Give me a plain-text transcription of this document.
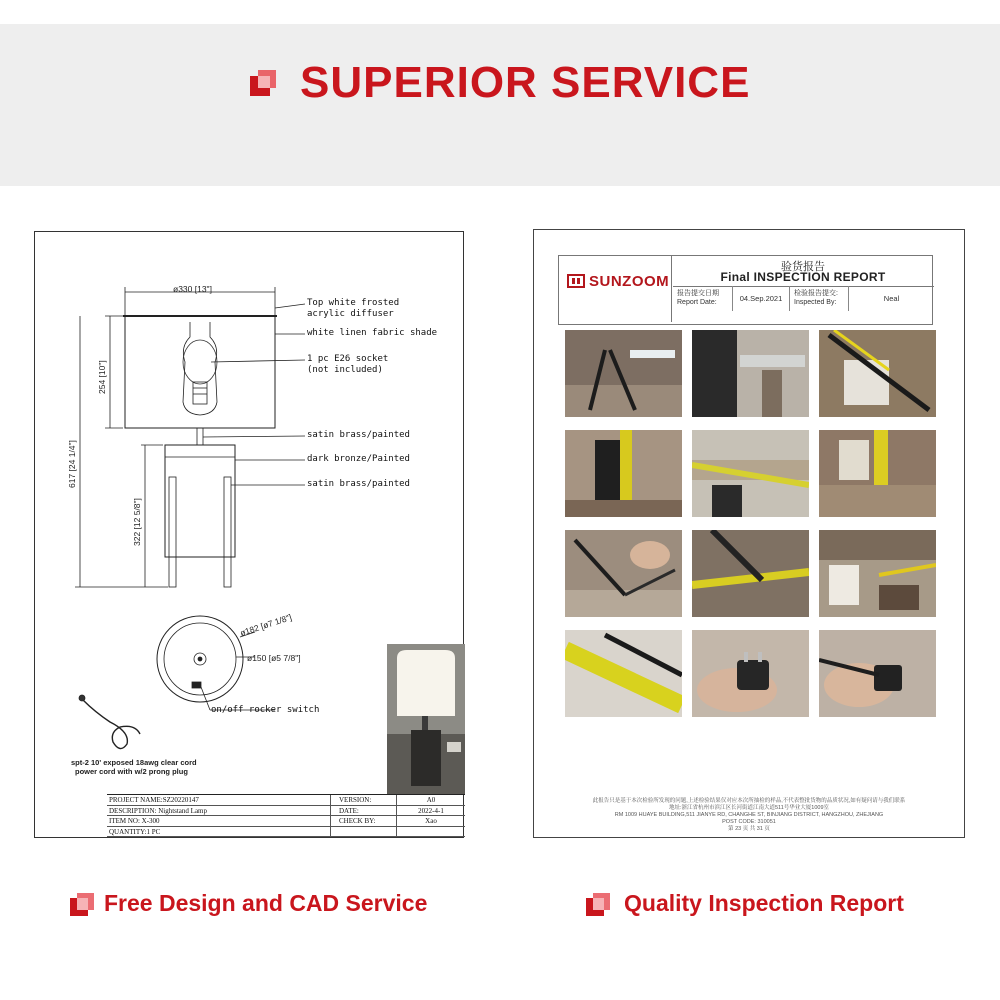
SUPERIOR SERVICE
ø330 [13"]
254 [10"]
617 [24 1/4"]
322 [12 5/8"]
ø182 [ø7 1/8"]
ø150 [ø5 7/8"]
Top white frosted
acrylic diffuser
white linen fabric shade
1 pc E26 socket
(not included)
satin brass/painted
dark bronze/Painted
satin brass/painted
on/off rocker switch
spt-2 10' exposed 18awg clear cord
power cord with w/2 prong plug
PROJECT NAME:SZ20220147	VERSION:	A0
DESCRIPTION: Nightstand Lamp	DATE:	2022-4-1
ITEM NO: X-300	CHECK BY:	Xao
QUANTITY:1 PC
SUNZOOM
验货报告
Final INSPECTION REPORT
报告提交日期
Report Date:	04.Sep.2021
检验报告提交:
Inspected By:	Neal
此报告只是基于本次检验所发现的问题,上述检验结果仅对应本次所抽检的样品,不代表整批货物的品质状况,如有疑问请与我们联系
地址:浙江省杭州市滨江区长河街道江南大道511号华业大厦1009室
RM 1009 HUAYE BUILDING,511 JIANYE RD, CHANGHE ST, BINJIANG DISTRICT, HANGZHOU, ZHEJIANG
POST CODE: 310051
第 23 页 共 31 页
Free Design and CAD Service	Quality Inspection Report
